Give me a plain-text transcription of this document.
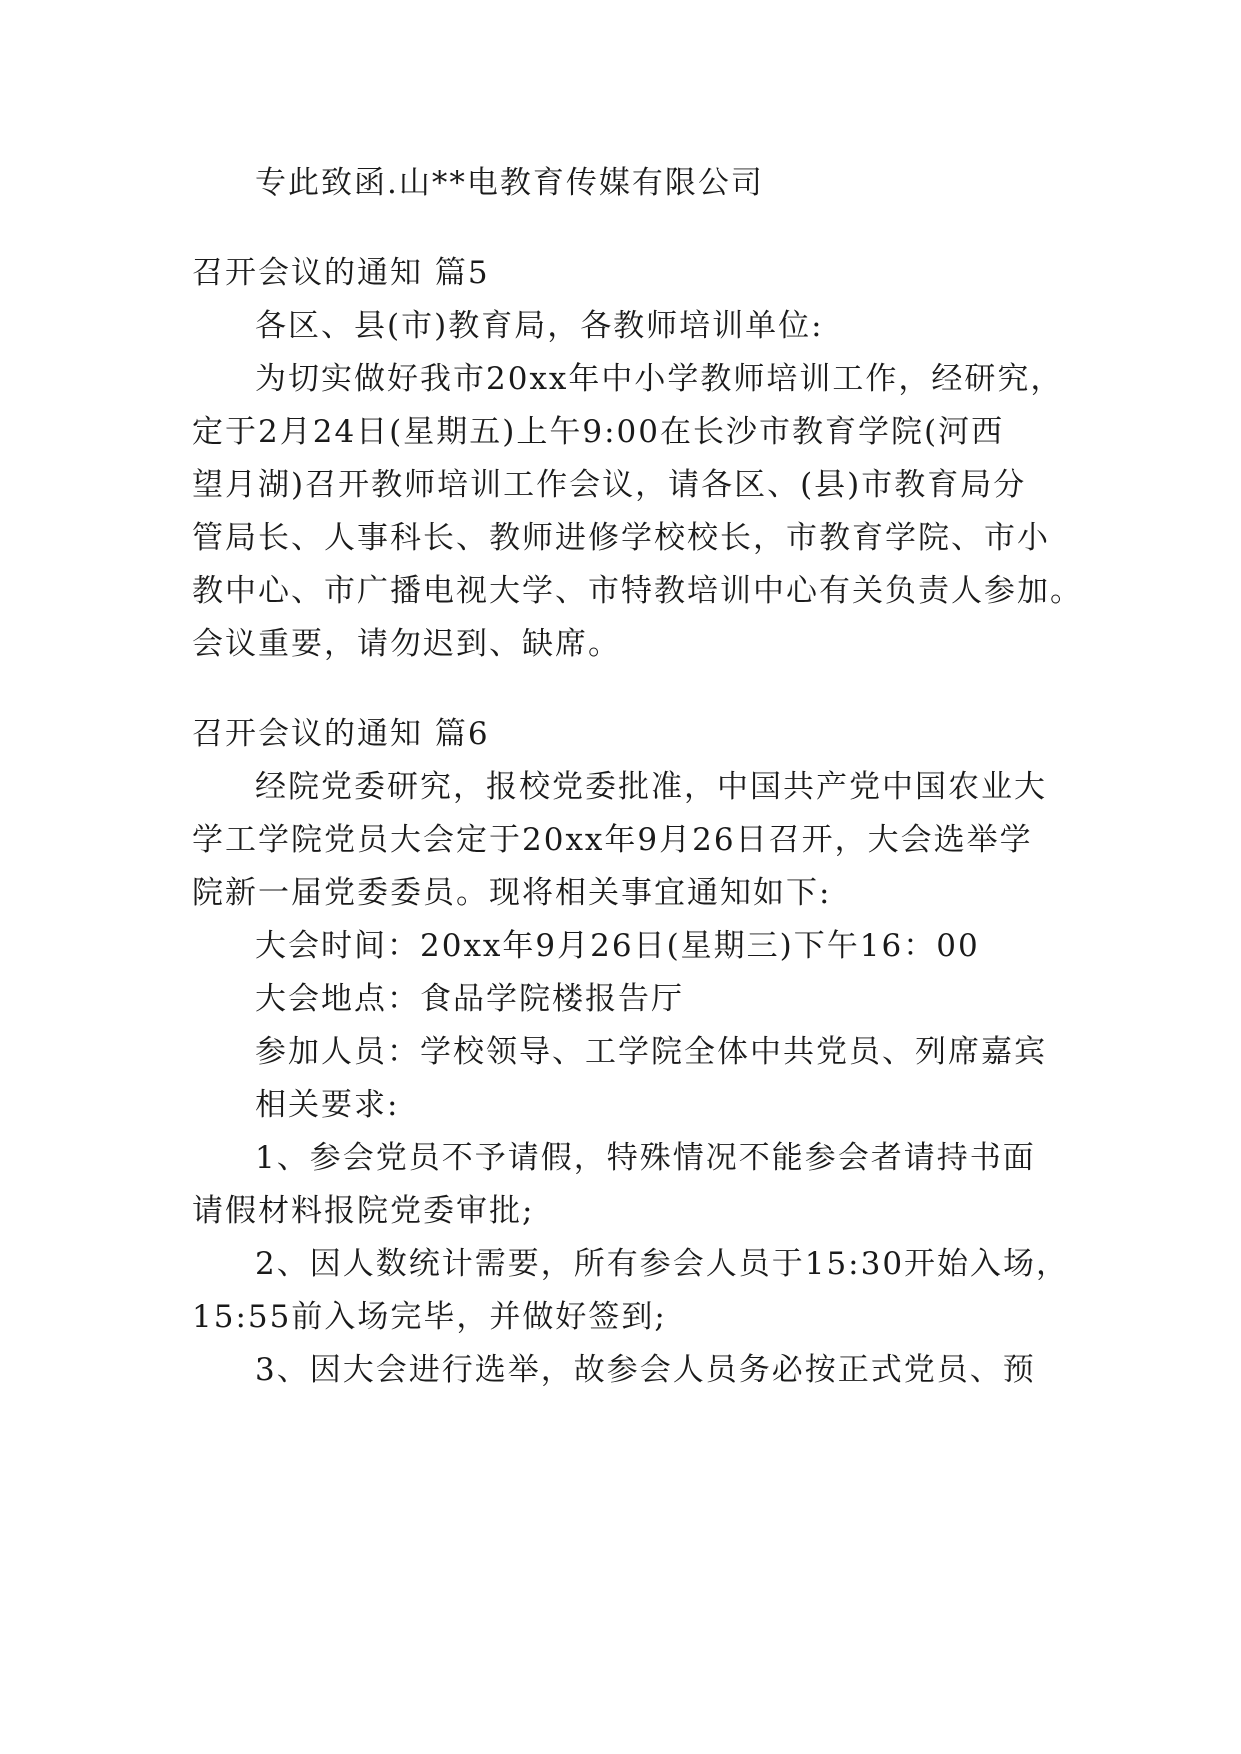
专此致函.山**电教育传媒有限公司
召开会议的通知 篇5
各区、县(市)教育局，各教师培训单位:
为切实做好我市20xx年中小学教师培训工作，经研究，
定于2月24日(星期五)上午9:00在长沙市教育学院(河西
望月湖)召开教师培训工作会议，请各区、(县)市教育局分
管局长、人事科长、教师进修学校校长，市教育学院、市小
教中心、市广播电视大学、市特教培训中心有关负责人参加。
会议重要，请勿迟到、缺席。
召开会议的通知 篇6
经院党委研究，报校党委批准，中国共产党中国农业大
学工学院党员大会定于20xx年9月26日召开，大会选举学
院新一届党委委员。现将相关事宜通知如下:
大会时间：20xx年9月26日(星期三)下午16：00
大会地点：食品学院楼报告厅
参加人员：学校领导、工学院全体中共党员、列席嘉宾
相关要求:
1、参会党员不予请假，特殊情况不能参会者请持书面
请假材料报院党委审批;
2、因人数统计需要，所有参会人员于15:30开始入场，
15:55前入场完毕，并做好签到;
3、因大会进行选举，故参会人员务必按正式党员、预
